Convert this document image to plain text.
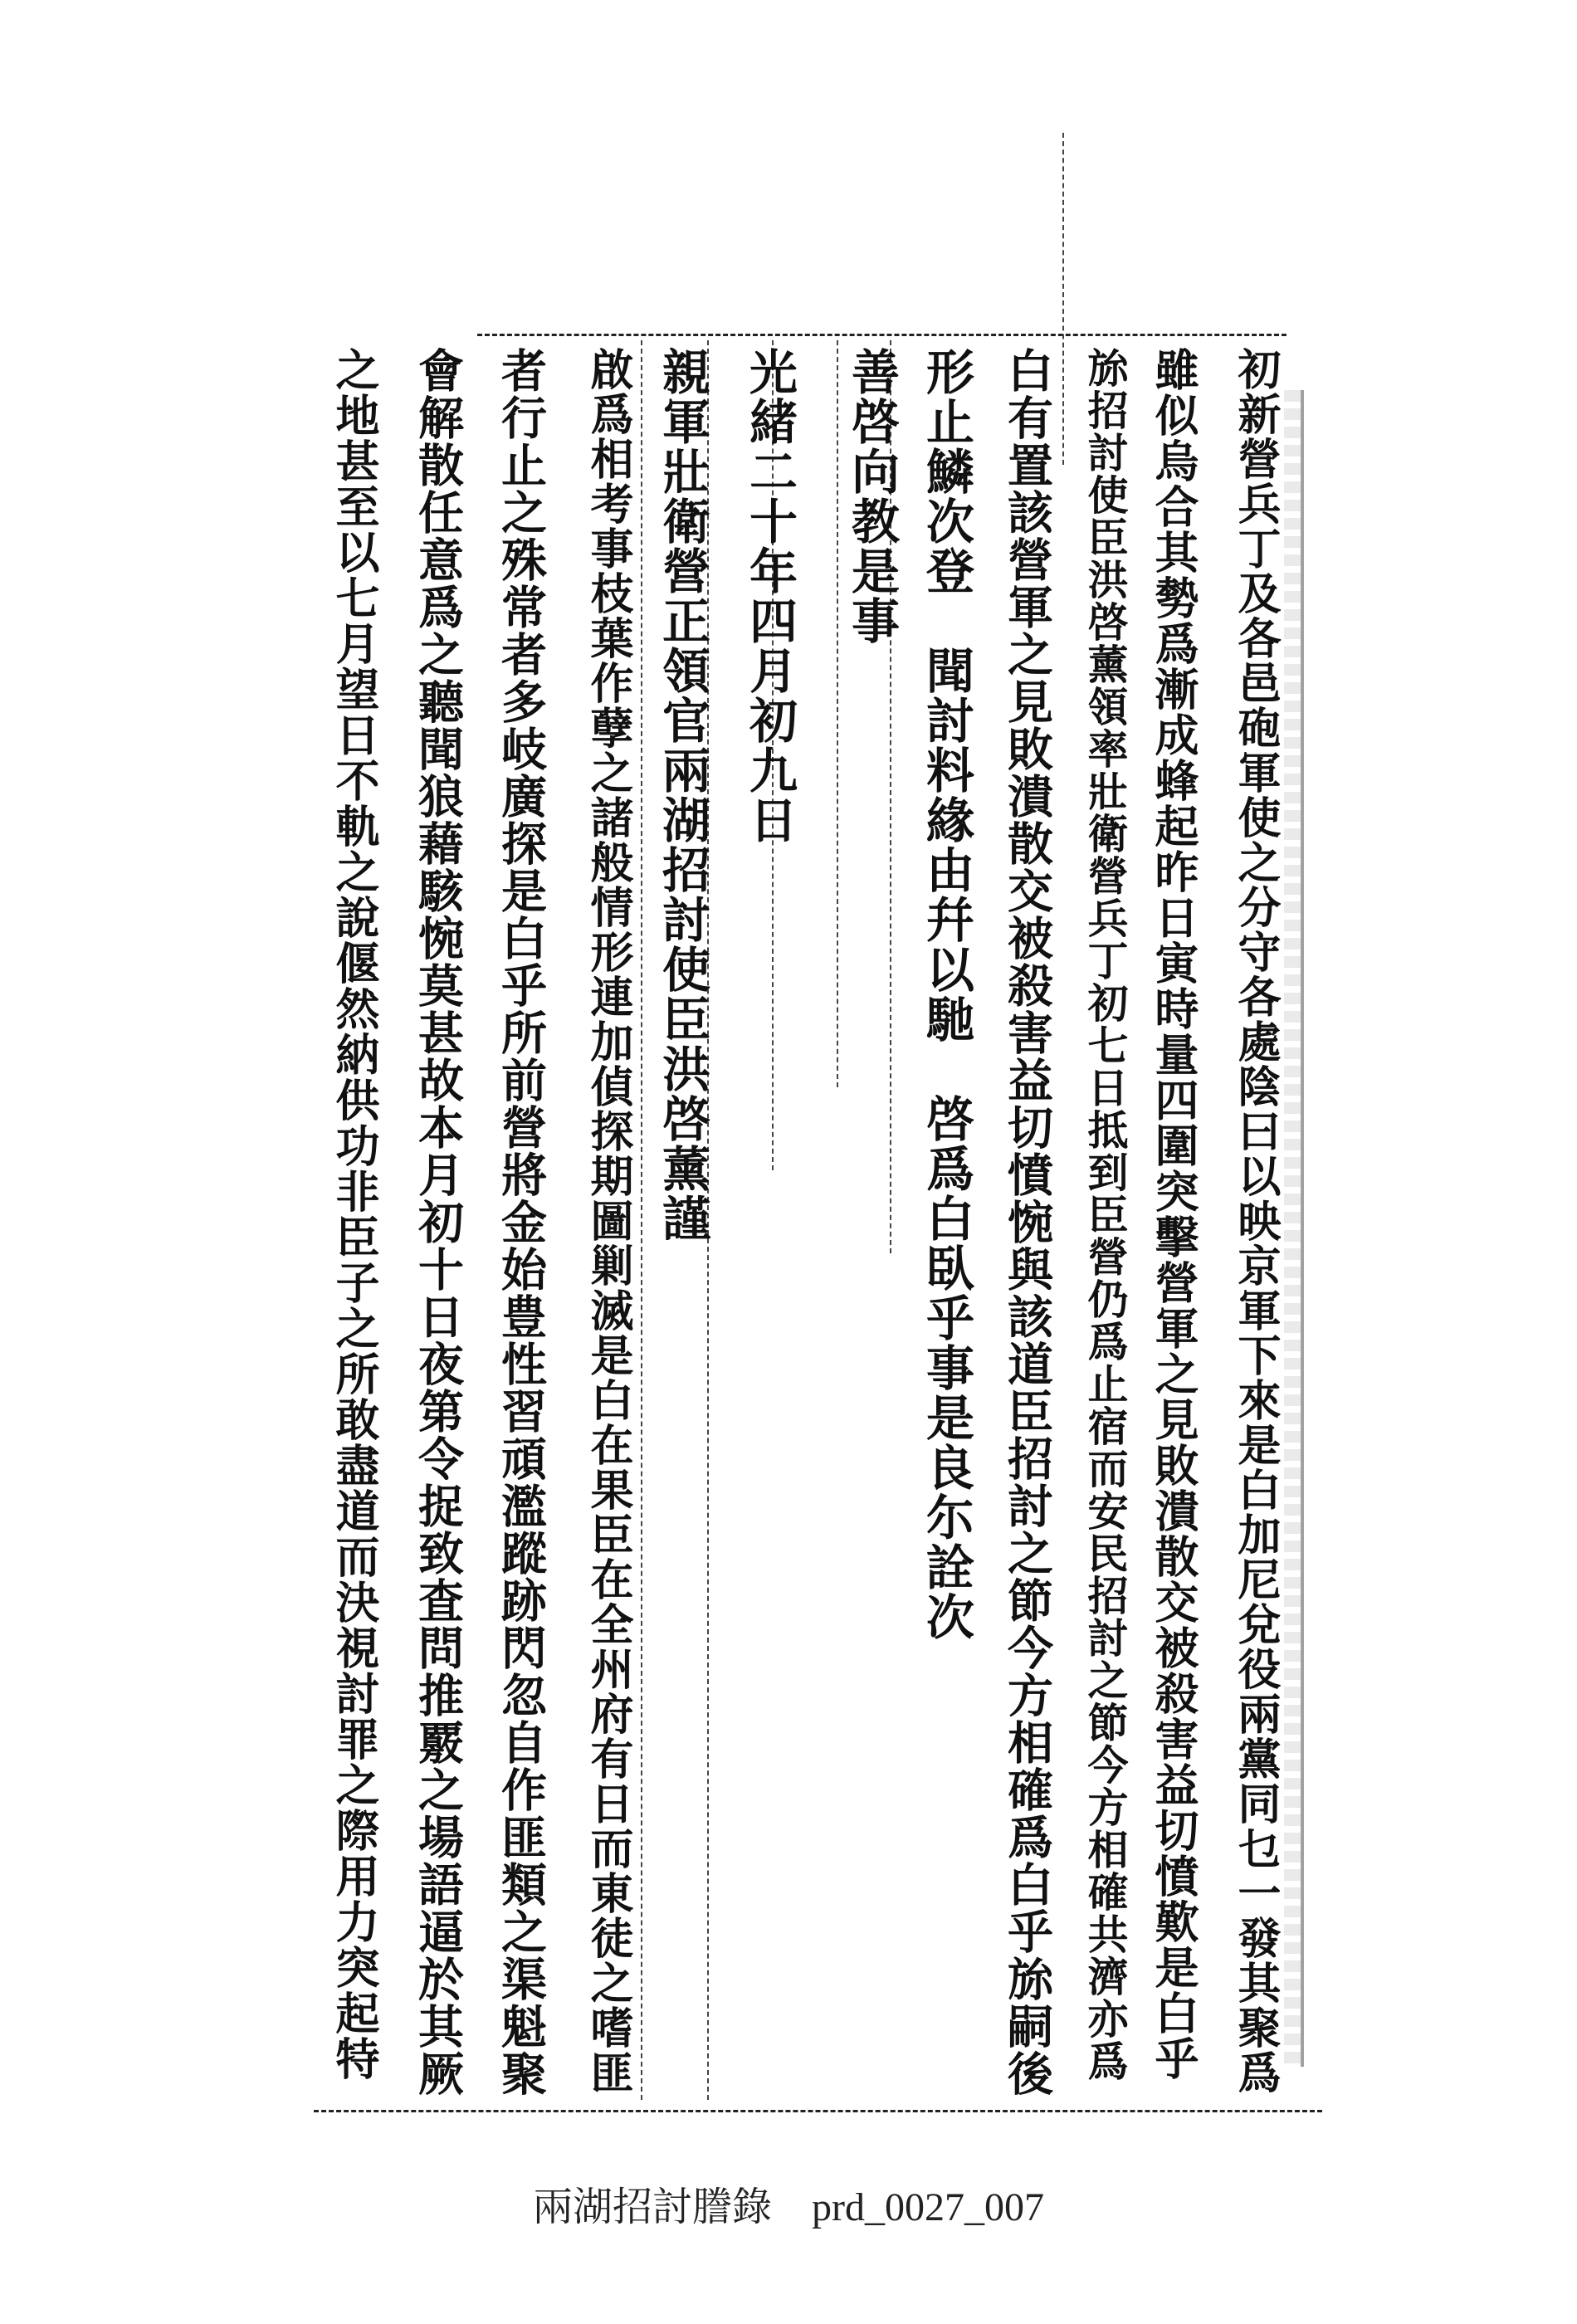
初新營兵丁及各邑砲軍使之分守各處陰曰以映京軍下來是白加尼兌役兩黨同乜一發其聚爲
雖似烏合其勢爲漸成蜂起昨日寅時量四圍突擊營軍之見敗潰散交被殺害益切憤歎是白乎
旀招討使臣洪啓薰領率壯衛營兵丁初七日抵到臣營仍爲止宿而安民招討之節今方相確共濟亦爲
白有置該營軍之見敗潰散交被殺害益切憤惋與該道臣招討之節今方相確爲白乎旀嗣後
形止鱗次登　聞討料緣由幷以馳　啓爲白臥乎事是良尓詮次
善啓向教是事
光緒二十年四月初九日
親軍壯衛營正領官兩湖招討使臣洪啓薰謹
啟爲相考事枝葉作孽之諸般情形連加偵探期圖剿滅是白在果臣在全州府有日而東徒之嗜匪
者行止之殊常者多岐廣探是白乎所前營將金始豊性習頑濫蹤跡閃忽自作匪類之渠魁聚
會解散任意爲之聽聞狼藉駭惋莫甚故本月初十日夜第令捉致査問推覈之場語逼於其厥
之地甚至以七月望日不軌之說偃然納供功非臣子之所敢盡道而決視討罪之際用力突起特
兩湖招討謄錄 prd_0027_007
